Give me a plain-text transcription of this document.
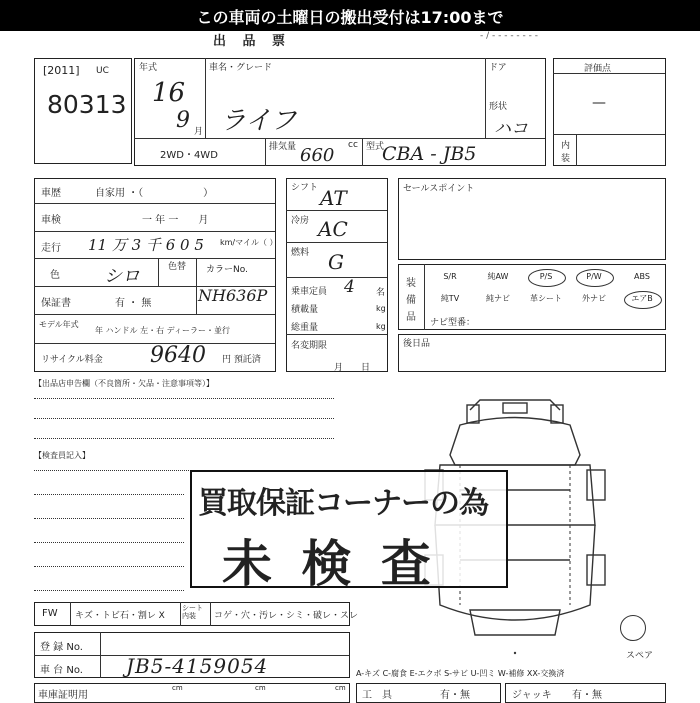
この車両の土曜日の搬出受付は17:00まで
出 品 票	- / - - - - - - - -
[2011] UC
80313
年式
16
9 月
車名・グレード
ライフ
ドア
形状
ハコ
2WD・4WD
排気量 660 cc 型式
CBA - JB5
評価点
—
内
装
車歴	自家用 ・（　　　　　　）
車検	一 年 一　　月
走行 11 万 3 千 6 0 5 km/マイル（ ）
色 シロ	色替 カラーNo.
NH636P
保証書	有 ・ 無
モデル年式
年 ハンドル 左・右 ディーラー・並行
リサイクル料金 9640 円 預託済
シフト AT
冷房 AC
燃料 G
乗車定員 4 名
積載量	kg
総重量	kg
名変期限
月　　日
セールスポイント
装
備
品
S/R	純AW	P/S	P/W	ABS
純TV	純ナビ	革シート	外ナビ	エアB
ナビ型番：
後日品
【出品店申告欄（不良箇所・欠品・注意事項等）】
【検査員記入】
スペア
買取保証コーナーの為
未 検 査
FW キズ・トビ石・割レ X
シート内装	コゲ・穴・汚レ・シミ・破レ・スレ
登 録 No.
車 台 No. JB5-4159054	A-キズ C-腐食 E-エクボ S-サビ U-凹ミ W-補修 XX-交換済
車庫証明用
cm	cm	cm
工　具	有・無	ジャッキ 有・無
